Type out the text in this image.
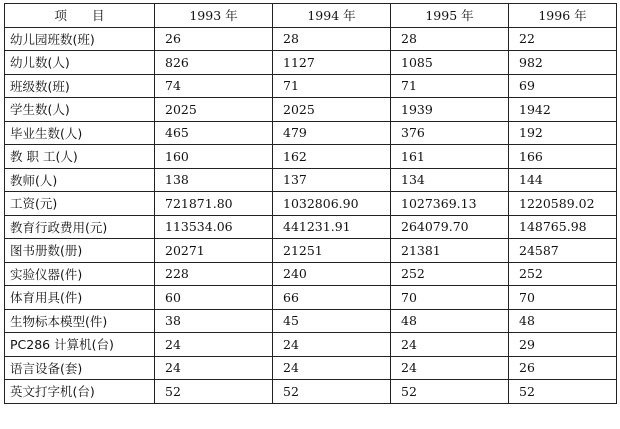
项　　目	1993 年	1994 年	1995 年	1996 年
幼儿园班数(班)	26	28	28	22
幼儿数(人)	826	1127	1085	982
班级数(班)	74	71	71	69
学生数(人)	2025	2025	1939	1942
毕业生数(人)	465	479	376	192
教 职 工(人)	160	162	161	166
教师(人)	138	137	134	144
工资(元)	721871.80	1032806.90	1027369.13	1220589.02
教育行政费用(元)	113534.06	441231.91	264079.70	148765.98
图书册数(册)	20271	21251	21381	24587
实验仪器(件)	228	240	252	252
体育用具(件)	60	66	70	70
生物标本模型(件)	38	45	48	48
PC286 计算机(台)	24	24	24	29
语言设备(套)	24	24	24	26
英文打字机(台)	52	52	52	52
